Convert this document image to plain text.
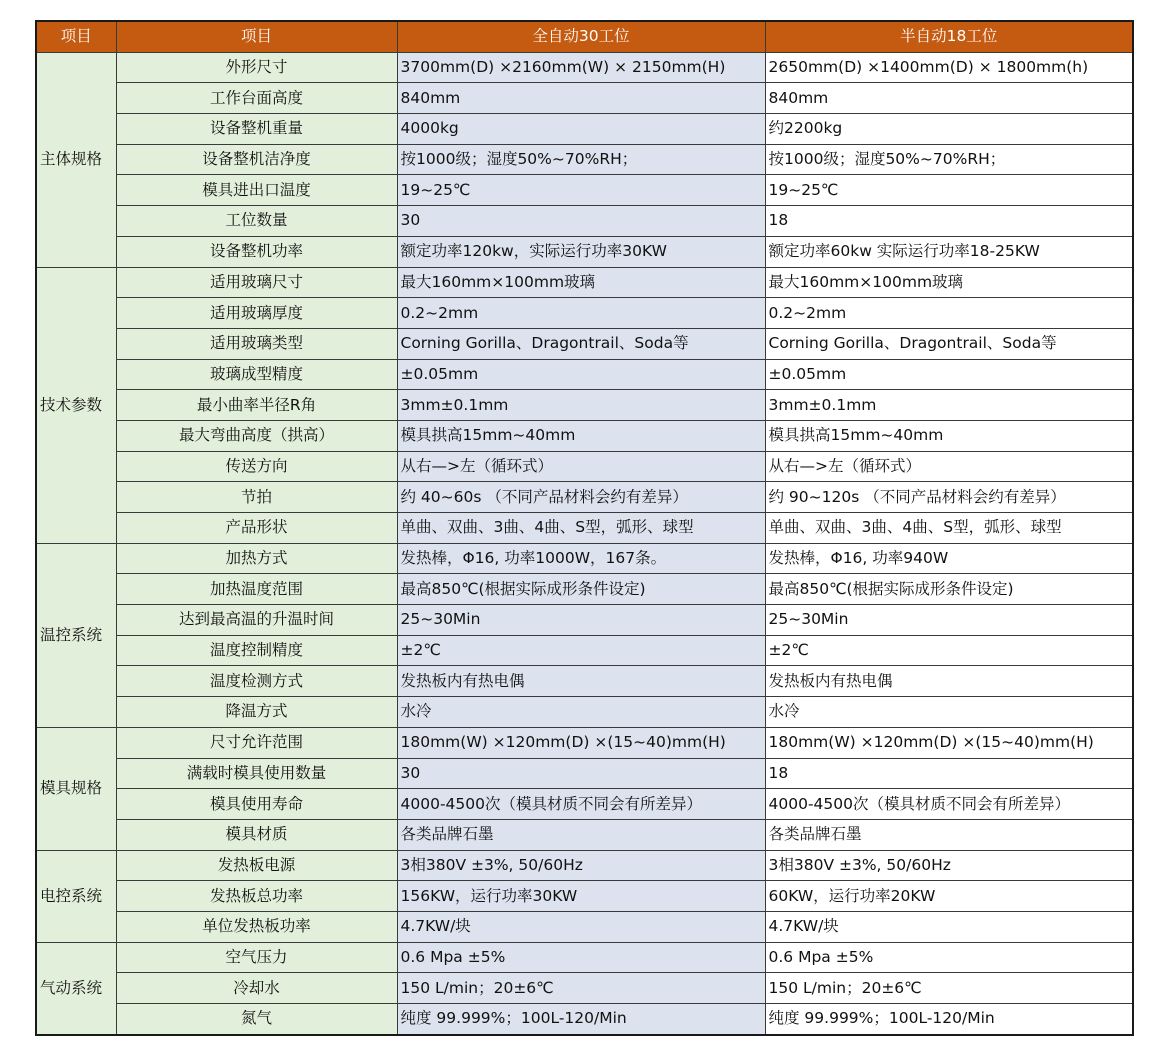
项目	项目	全自动30工位	半自动18工位
主体规格	外形尺寸	3700mm(D) ×2160mm(W) × 2150mm(H)	2650mm(D) ×1400mm(D) × 1800mm(h)
	工作台面高度	840mm	840mm
	设备整机重量	4000kg	约2200kg
	设备整机洁净度	按1000级；湿度50%~70%RH；	按1000级；湿度50%~70%RH；
	模具进出口温度	19~25℃	19~25℃
	工位数量	30	18
	设备整机功率	额定功率120kw，实际运行功率30KW	额定功率60kw 实际运行功率18-25KW
技术参数	适用玻璃尺寸	最大160mm×100mm玻璃	最大160mm×100mm玻璃
	适用玻璃厚度	0.2~2mm	0.2~2mm
	适用玻璃类型	Corning Gorilla、Dragontrail、Soda等	Corning Gorilla、Dragontrail、Soda等
	玻璃成型精度	±0.05mm	±0.05mm
	最小曲率半径R角	3mm±0.1mm	3mm±0.1mm
	最大弯曲高度（拱高）	模具拱高15mm~40mm	模具拱高15mm~40mm
	传送方向	从右—>左（循环式）	从右—>左（循环式）
	节拍	约 40~60s （不同产品材料会约有差异）	约 90~120s （不同产品材料会约有差异）
	产品形状	单曲、双曲、3曲、4曲、S型，弧形、球型	单曲、双曲、3曲、4曲、S型，弧形、球型
温控系统	加热方式	发热棒，Φ16, 功率1000W，167条。	发热棒，Φ16, 功率940W
	加热温度范围	最高850℃(根据实际成形条件设定)	最高850℃(根据实际成形条件设定)
	达到最高温的升温时间	25~30Min	25~30Min
	温度控制精度	±2℃	±2℃
	温度检测方式	发热板内有热电偶	发热板内有热电偶
	降温方式	水冷	水冷
模具规格	尺寸允许范围	180mm(W) ×120mm(D) ×(15~40)mm(H)	180mm(W) ×120mm(D) ×(15~40)mm(H)
	满载时模具使用数量	30	18
	模具使用寿命	4000-4500次（模具材质不同会有所差异）	4000-4500次（模具材质不同会有所差异）
	模具材质	各类品牌石墨	各类品牌石墨
电控系统	发热板电源	3相380V ±3%, 50/60Hz	3相380V ±3%, 50/60Hz
	发热板总功率	156KW，运行功率30KW	60KW，运行功率20KW
	单位发热板功率	4.7KW/块	4.7KW/块
气动系统	空气压力	0.6 Mpa ±5%	0.6 Mpa ±5%
	冷却水	150 L/min；20±6℃	150 L/min；20±6℃
	氮气	纯度 99.999%；100L-120/Min	纯度 99.999%；100L-120/Min
